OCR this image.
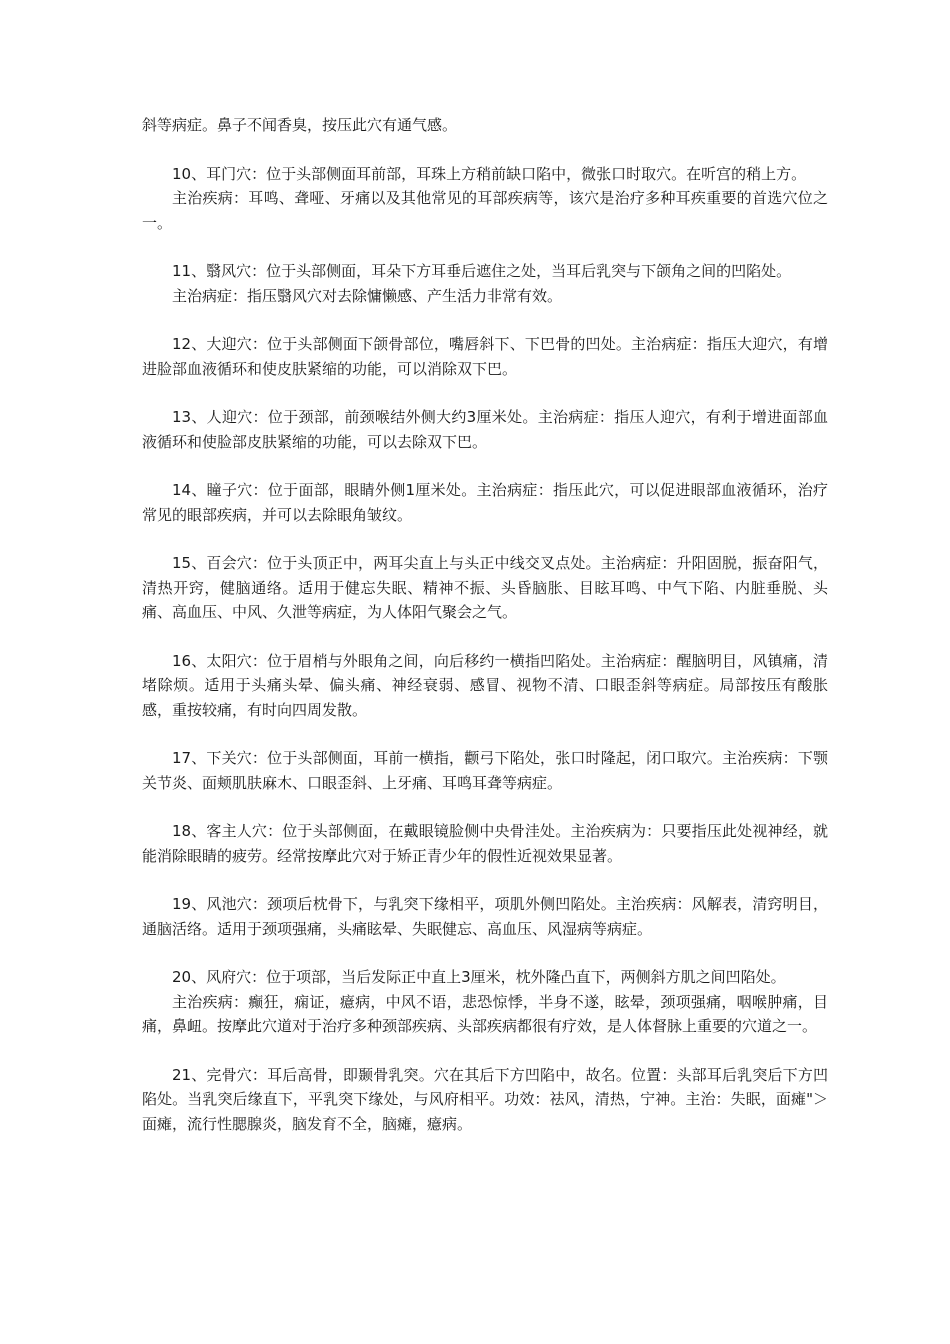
斜等病症。鼻子不闻香臭，按压此穴有通气感。

10、耳门穴：位于头部侧面耳前部，耳珠上方稍前缺口陷中，微张口时取穴。在听宫的稍上方。

主治疾病：耳鸣、聋哑、牙痛以及其他常见的耳部疾病等，该穴是治疗多种耳疾重要的首选穴位之一。

11、翳风穴：位于头部侧面，耳朵下方耳垂后遮住之处，当耳后乳突与下颌角之间的凹陷处。

主治病症：指压翳风穴对去除慵懒感、产生活力非常有效。

12、大迎穴：位于头部侧面下颌骨部位，嘴唇斜下、下巴骨的凹处。主治病症：指压大迎穴，有增进脸部血液循环和使皮肤紧缩的功能，可以消除双下巴。

13、人迎穴：位于颈部，前颈喉结外侧大约3厘米处。主治病症：指压人迎穴，有利于增进面部血液循环和使脸部皮肤紧缩的功能，可以去除双下巴。

14、瞳子穴：位于面部，眼睛外侧1厘米处。主治病症：指压此穴，可以促进眼部血液循环，治疗常见的眼部疾病，并可以去除眼角皱纹。

15、百会穴：位于头顶正中，两耳尖直上与头正中线交叉点处。主治病症：升阳固脱，振奋阳气，清热开窍，健脑通络。适用于健忘失眠、精神不振、头昏脑胀、目眩耳鸣、中气下陷、内脏垂脱、头痛、高血压、中风、久泄等病症，为人体阳气聚会之气。

16、太阳穴：位于眉梢与外眼角之间，向后移约一横指凹陷处。主治病症：醒脑明目，风镇痛，清堵除烦。适用于头痛头晕、偏头痛、神经衰弱、感冒、视物不清、口眼歪斜等病症。局部按压有酸胀感，重按较痛，有时向四周发散。

17、下关穴：位于头部侧面，耳前一横指，颧弓下陷处，张口时隆起，闭口取穴。主治疾病：下颚关节炎、面颊肌肤麻木、口眼歪斜、上牙痛、耳鸣耳聋等病症。

18、客主人穴：位于头部侧面，在戴眼镜脸侧中央骨洼处。主治疾病为：只要指压此处视神经，就能消除眼睛的疲劳。经常按摩此穴对于矫正青少年的假性近视效果显著。

19、风池穴：颈项后枕骨下，与乳突下缘相平，项肌外侧凹陷处。主治疾病：风解表，清窍明目，通脑活络。适用于颈项强痛，头痛眩晕、失眠健忘、高血压、风湿病等病症。

20、风府穴：位于项部，当后发际正中直上3厘米，枕外隆凸直下，两侧斜方肌之间凹陷处。

主治疾病：癫狂，痫证，癔病，中风不语，悲恐惊悸，半身不遂，眩晕，颈项强痛，咽喉肿痛，目痛，鼻衄。按摩此穴道对于治疗多种颈部疾病、头部疾病都很有疗效，是人体督脉上重要的穴道之一。

21、完骨穴：耳后高骨，即颞骨乳突。穴在其后下方凹陷中，故名。位置：头部耳后乳突后下方凹陷处。当乳突后缘直下，平乳突下缘处，与风府相平。功效：祛风，清热，宁神。主治：失眠，面瘫"＞面瘫，流行性腮腺炎，脑发育不全，脑瘫，癔病。
